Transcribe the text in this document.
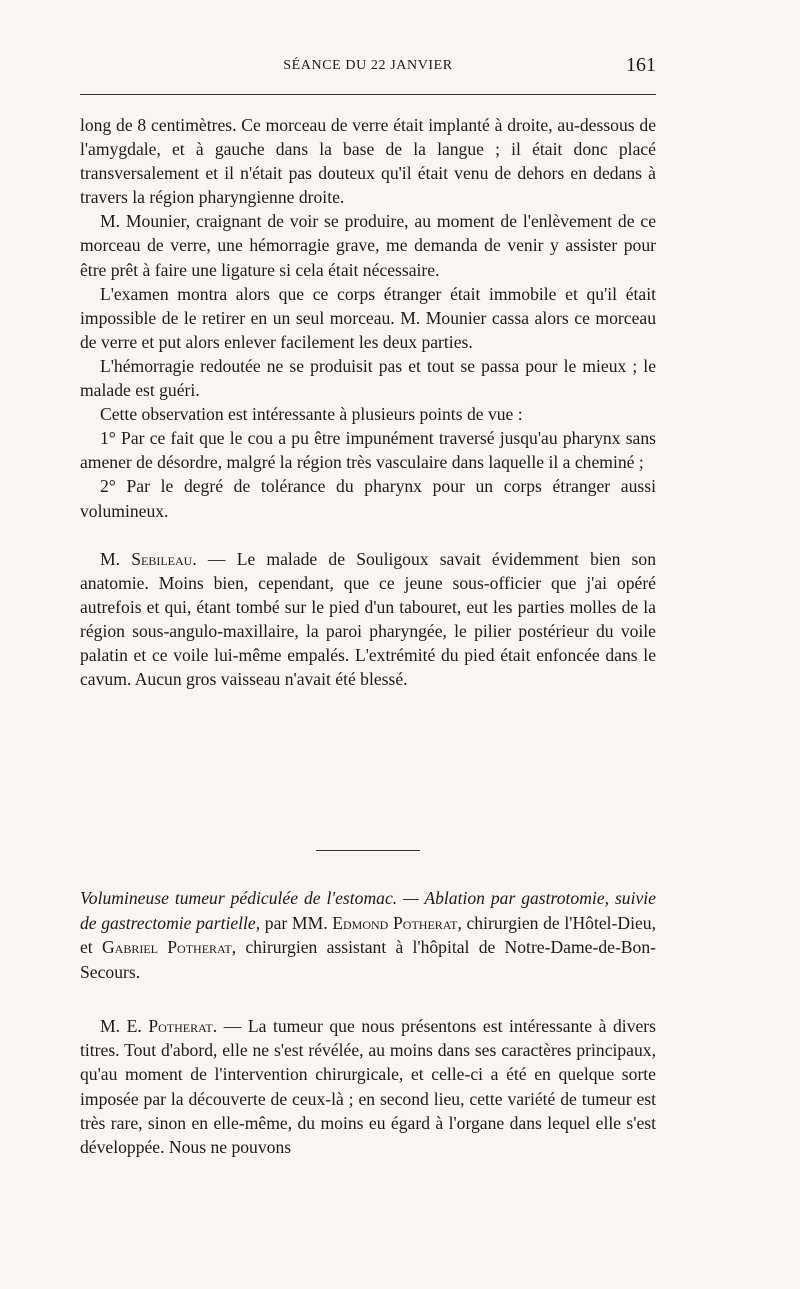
SÉANCE DU 22 JANVIER	161

long de 8 centimètres. Ce morceau de verre était implanté à droite, au-dessous de l'amygdale, et à gauche dans la base de la langue ; il était donc placé transversalement et il n'était pas douteux qu'il était venu de dehors en dedans à travers la région pharyngienne droite.

M. Mounier, craignant de voir se produire, au moment de l'enlèvement de ce morceau de verre, une hémorragie grave, me demanda de venir y assister pour être prêt à faire une ligature si cela était nécessaire.

L'examen montra alors que ce corps étranger était immobile et qu'il était impossible de le retirer en un seul morceau. M. Mounier cassa alors ce morceau de verre et put alors enlever facilement les deux parties.

L'hémorragie redoutée ne se produisit pas et tout se passa pour le mieux ; le malade est guéri.

Cette observation est intéressante à plusieurs points de vue :

1° Par ce fait que le cou a pu être impunément traversé jusqu'au pharynx sans amener de désordre, malgré la région très vasculaire dans laquelle il a cheminé ;

2° Par le degré de tolérance du pharynx pour un corps étranger aussi volumineux.

M. Sebileau. — Le malade de Souligoux savait évidemment bien son anatomie. Moins bien, cependant, que ce jeune sous-officier que j'ai opéré autrefois et qui, étant tombé sur le pied d'un tabouret, eut les parties molles de la région sous-angulo-maxillaire, la paroi pharyngée, le pilier postérieur du voile palatin et ce voile lui-même empalés. L'extrémité du pied était enfoncée dans le cavum. Aucun gros vaisseau n'avait été blessé.

Volumineuse tumeur pédiculée de l'estomac. — Ablation par gastrotomie, suivie de gastrectomie partielle, par MM. Edmond Potherat, chirurgien de l'Hôtel-Dieu, et Gabriel Potherat, chirurgien assistant à l'hôpital de Notre-Dame-de-Bon-Secours.

M. E. Potherat. — La tumeur que nous présentons est intéressante à divers titres. Tout d'abord, elle ne s'est révélée, au moins dans ses caractères principaux, qu'au moment de l'intervention chirurgicale, et celle-ci a été en quelque sorte imposée par la découverte de ceux-là ; en second lieu, cette variété de tumeur est très rare, sinon en elle-même, du moins eu égard à l'organe dans lequel elle s'est développée. Nous ne pouvons
